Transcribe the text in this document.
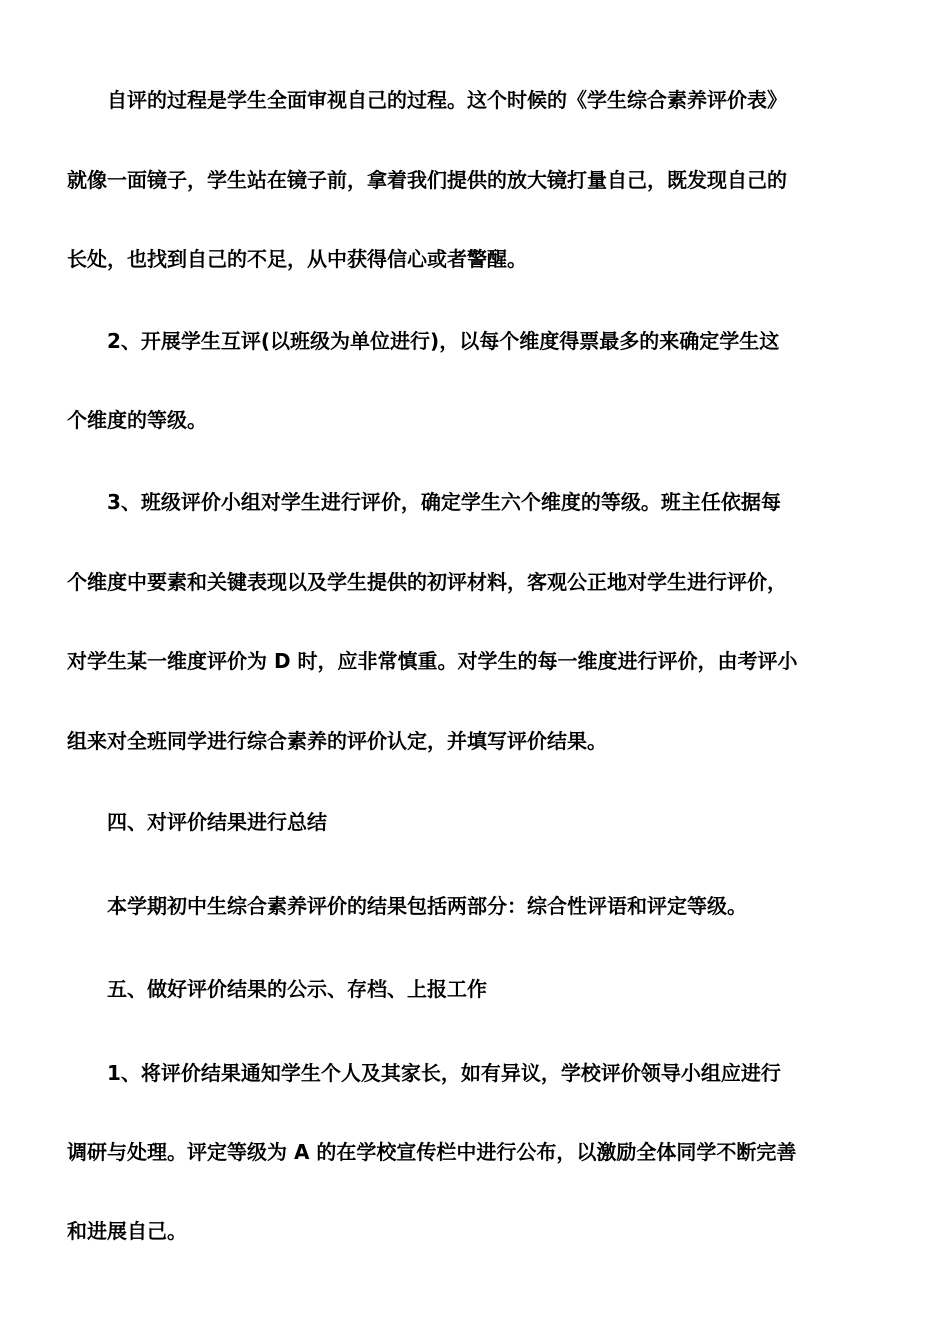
　　自评的过程是学生全面审视自己的过程。这个时候的《学生综合素养评价表》
就像一面镜子，学生站在镜子前，拿着我们提供的放大镜打量自己，既发现自己的
长处，也找到自己的不足，从中获得信心或者警醒。
　　2、开展学生互评(以班级为单位进行)，以每个维度得票最多的来确定学生这
个维度的等级。
　　3、班级评价小组对学生进行评价，确定学生六个维度的等级。班主任依据每
个维度中要素和关键表现以及学生提供的初评材料，客观公正地对学生进行评价，
对学生某一维度评价为 D 时，应非常慎重。对学生的每一维度进行评价，由考评小
组来对全班同学进行综合素养的评价认定，并填写评价结果。
　　四、对评价结果进行总结
　　本学期初中生综合素养评价的结果包括两部分：综合性评语和评定等级。
　　五、做好评价结果的公示、存档、上报工作
　　1、将评价结果通知学生个人及其家长，如有异议，学校评价领导小组应进行
调研与处理。评定等级为 A 的在学校宣传栏中进行公布，以激励全体同学不断完善
和进展自己。
